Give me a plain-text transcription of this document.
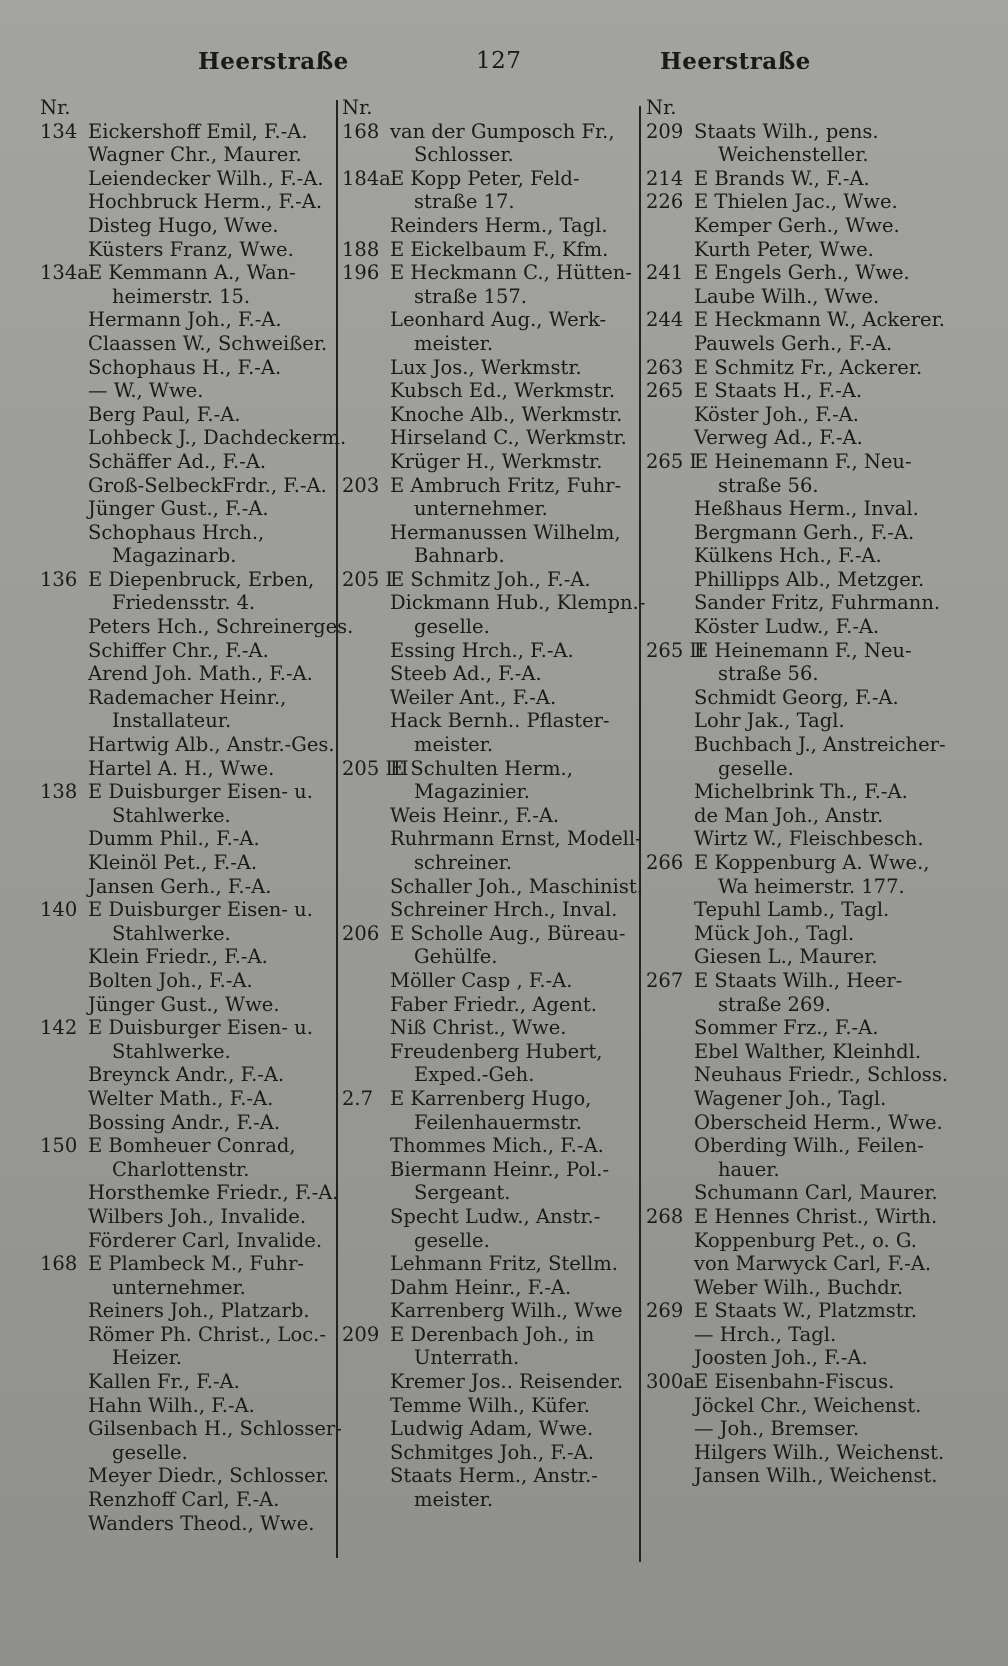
Heerstraße	127	Heerstraße
Nr.
134 Eickershoff Emil, F.-A.
Wagner Chr., Maurer.
Leiendecker Wilh., F.-A.
Hochbruck Herm., F.-A.
Disteg Hugo, Wwe.
Küsters Franz, Wwe.
134a E Kemmann A., Wan-
heimerstr. 15.
Hermann Joh., F.-A.
Claassen W., Schweißer.
Schophaus H., F.-A.
— W., Wwe.
Berg Paul, F.-A.
Lohbeck J., Dachdeckerm.
Schäffer Ad., F.-A.
Groß-SelbeckFrdr., F.-A.
Jünger Gust., F.-A.
Schophaus Hrch.,
Magazinarb.
136 E Diepenbruck, Erben,
Friedensstr. 4.
Peters Hch., Schreinerges.
Schiffer Chr., F.-A.
Arend Joh. Math., F.-A.
Rademacher Heinr.,
Installateur.
Hartwig Alb., Anstr.-Ges.
Hartel A. H., Wwe.
138 E Duisburger Eisen- u.
Stahlwerke.
Dumm Phil., F.-A.
Kleinöl Pet., F.-A.
Jansen Gerh., F.-A.
140 E Duisburger Eisen- u.
Stahlwerke.
Klein Friedr., F.-A.
Bolten Joh., F.-A.
Jünger Gust., Wwe.
142 E Duisburger Eisen- u.
Stahlwerke.
Breynck Andr., F.-A.
Welter Math., F.-A.
Bossing Andr., F.-A.
150 E Bomheuer Conrad,
Charlottenstr.
Horsthemke Friedr., F.-A.
Wilbers Joh., Invalide.
Förderer Carl, Invalide.
168 E Plambeck M., Fuhr-
unternehmer.
Reiners Joh., Platzarb.
Römer Ph. Christ., Loc.-
Heizer.
Kallen Fr., F.-A.
Hahn Wilh., F.-A.
Gilsenbach H., Schlosser-
geselle.
Meyer Diedr., Schlosser.
Renzhoff Carl, F.-A.
Wanders Theod., Wwe.
Nr.
168 van der Gumposch Fr.,
Schlosser.
184a E Kopp Peter, Feld-
straße 17.
Reinders Herm., Tagl.
188 E Eickelbaum F., Kfm.
196 E Heckmann C., Hütten-
straße 157.
Leonhard Aug., Werk-
meister.
Lux Jos., Werkmstr.
Kubsch Ed., Werkmstr.
Knoche Alb., Werkmstr.
Hirseland C., Werkmstr.
Krüger H., Werkmstr.
203 E Ambruch Fritz, Fuhr-
unternehmer.
Hermanussen Wilhelm,
Bahnarb.
205 I
E Schmitz Joh., F.-A.
Dickmann Hub., Klempn.-
geselle.
Essing Hrch., F.-A.
Steeb Ad., F.-A.
Weiler Ant., F.-A.
Hack Bernh.. Pflaster-
meister.
205 III
E Schulten Herm.,
Magazinier.
Weis Heinr., F.-A.
Ruhrmann Ernst, Modell-
schreiner.
Schaller Joh., Maschinist.
Schreiner Hrch., Inval.
206 E Scholle Aug., Büreau-
Gehülfe.
Möller Casp , F.-A.
Faber Friedr., Agent.
Niß Christ., Wwe.
Freudenberg Hubert,
Exped.-Geh.
2.7 E Karrenberg Hugo,
Feilenhauermstr.
Thommes Mich., F.-A.
Biermann Heinr., Pol.-
Sergeant.
Specht Ludw., Anstr.-
geselle.
Lehmann Fritz, Stellm.
Dahm Heinr., F.-A.
Karrenberg Wilh., Wwe
209 E Derenbach Joh., in
Unterrath.
Kremer Jos.. Reisender.
Temme Wilh., Küfer.
Ludwig Adam, Wwe.
Schmitges Joh., F.-A.
Staats Herm., Anstr.-
meister.
Nr.
209 Staats Wilh., pens.
Weichensteller.
214 E Brands W., F.-A.
226 E Thielen Jac., Wwe.
Kemper Gerh., Wwe.
Kurth Peter, Wwe.
241 E Engels Gerh., Wwe.
Laube Wilh., Wwe.
244 E Heckmann W., Ackerer.
Pauwels Gerh., F.-A.
263 E Schmitz Fr., Ackerer.
265 E Staats H., F.-A.
Köster Joh., F.-A.
Verweg Ad., F.-A.
265 I
E Heinemann F., Neu-
straße 56.
Heßhaus Herm., Inval.
Bergmann Gerh., F.-A.
Külkens Hch., F.-A.
Phillipps Alb., Metzger.
Sander Fritz, Fuhrmann.
Köster Ludw., F.-A.
265 II
E Heinemann F., Neu-
straße 56.
Schmidt Georg, F.-A.
Lohr Jak., Tagl.
Buchbach J., Anstreicher-
geselle.
Michelbrink Th., F.-A.
de Man Joh., Anstr.
Wirtz W., Fleischbesch.
266 E Koppenburg A. Wwe.,
Wa heimerstr. 177.
Tepuhl Lamb., Tagl.
Mück Joh., Tagl.
Giesen L., Maurer.
267 E Staats Wilh., Heer-
straße 269.
Sommer Frz., F.-A.
Ebel Walther, Kleinhdl.
Neuhaus Friedr., Schloss.
Wagener Joh., Tagl.
Oberscheid Herm., Wwe.
Oberding Wilh., Feilen-
hauer.
Schumann Carl, Maurer.
268 E Hennes Christ., Wirth.
Koppenburg Pet., o. G.
von Marwyck Carl, F.-A.
Weber Wilh., Buchdr.
269 E Staats W., Platzmstr.
— Hrch., Tagl.
Joosten Joh., F.-A.
300a E Eisenbahn-Fiscus.
Jöckel Chr., Weichenst.
— Joh., Bremser.
Hilgers Wilh., Weichenst.
Jansen Wilh., Weichenst.
